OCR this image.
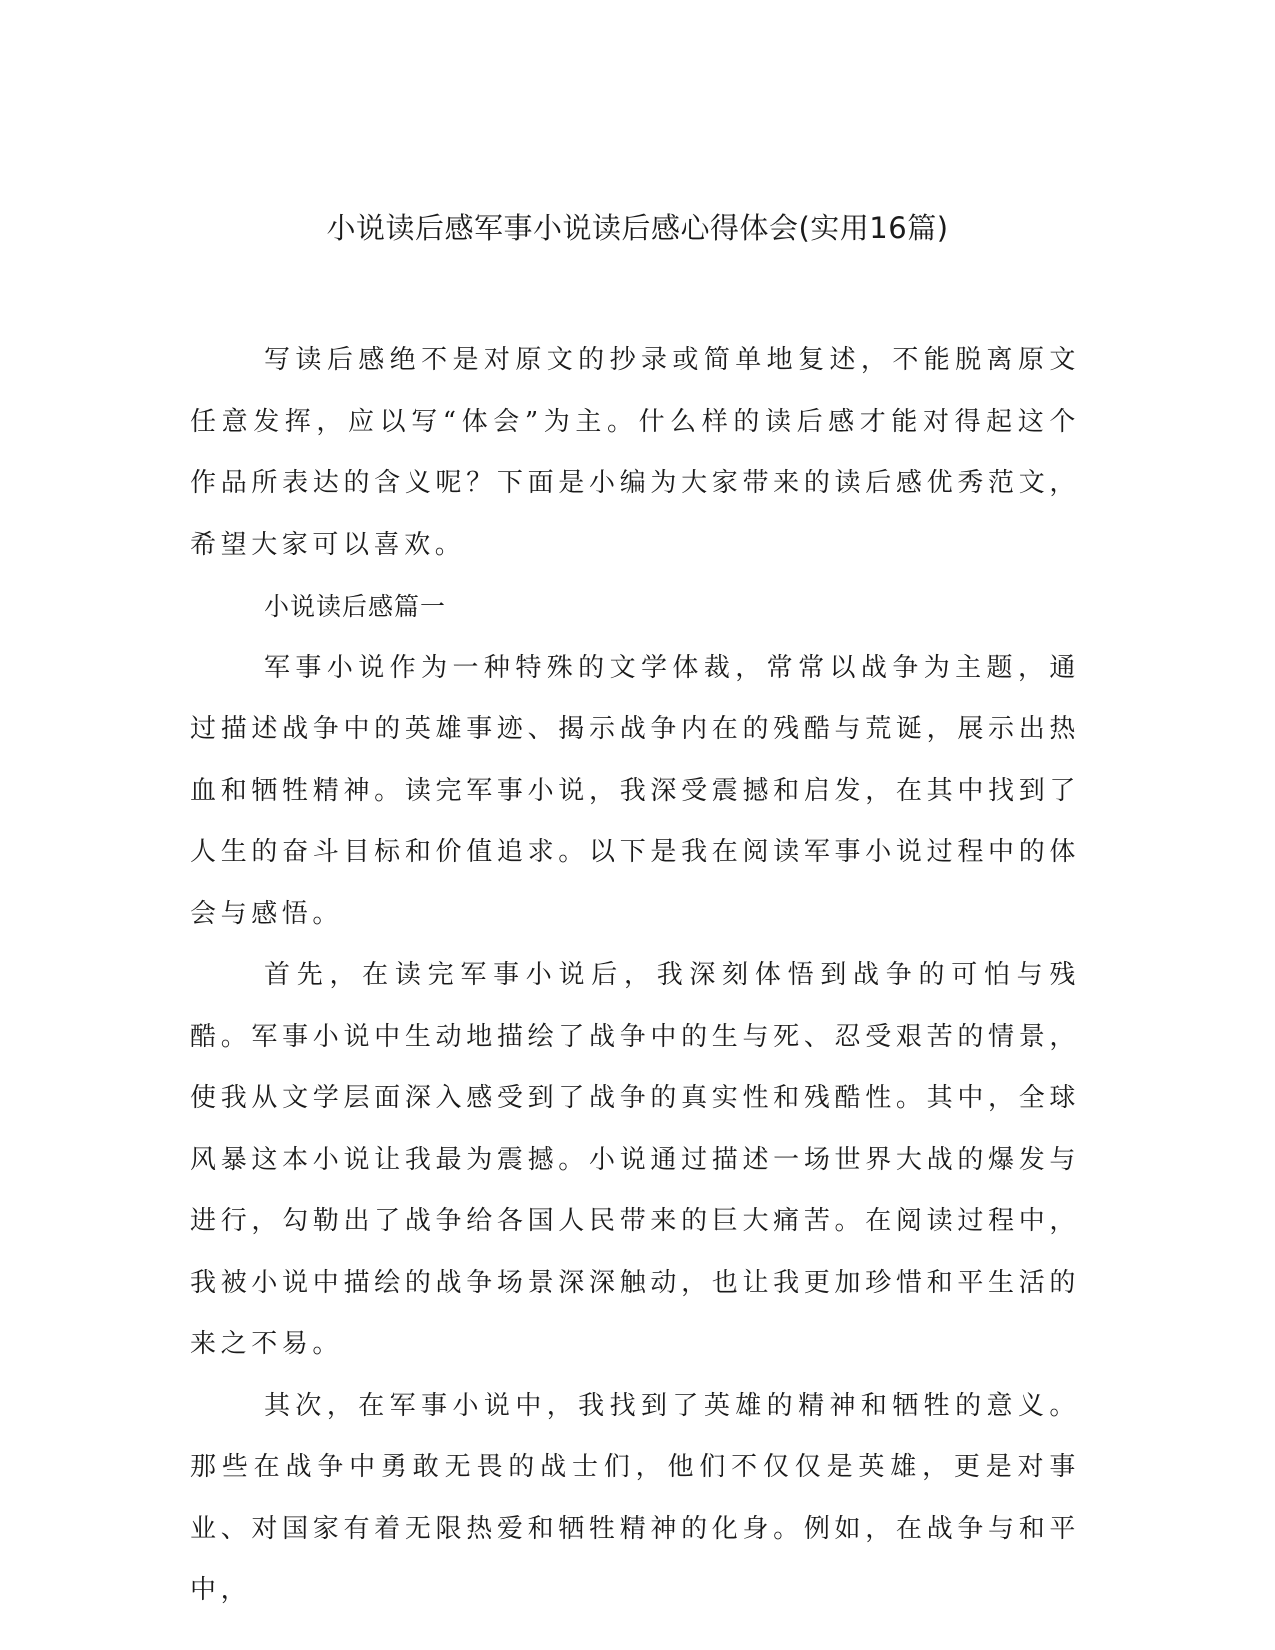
小说读后感军事小说读后感心得体会(实用16篇)

写读后感绝不是对原文的抄录或简单地复述，不能脱离原文任意发挥，应以写“体会”为主。什么样的读后感才能对得起这个作品所表达的含义呢？下面是小编为大家带来的读后感优秀范文，希望大家可以喜欢。

小说读后感篇一

军事小说作为一种特殊的文学体裁，常常以战争为主题，通过描述战争中的英雄事迹、揭示战争内在的残酷与荒诞，展示出热血和牺牲精神。读完军事小说，我深受震撼和启发，在其中找到了人生的奋斗目标和价值追求。以下是我在阅读军事小说过程中的体会与感悟。

首先，在读完军事小说后，我深刻体悟到战争的可怕与残酷。军事小说中生动地描绘了战争中的生与死、忍受艰苦的情景，使我从文学层面深入感受到了战争的真实性和残酷性。其中，全球风暴这本小说让我最为震撼。小说通过描述一场世界大战的爆发与进行，勾勒出了战争给各国人民带来的巨大痛苦。在阅读过程中，我被小说中描绘的战争场景深深触动，也让我更加珍惜和平生活的来之不易。

其次，在军事小说中，我找到了英雄的精神和牺牲的意义。那些在战争中勇敢无畏的战士们，他们不仅仅是英雄，更是对事业、对国家有着无限热爱和牺牲精神的化身。例如，在战争与和平中，
